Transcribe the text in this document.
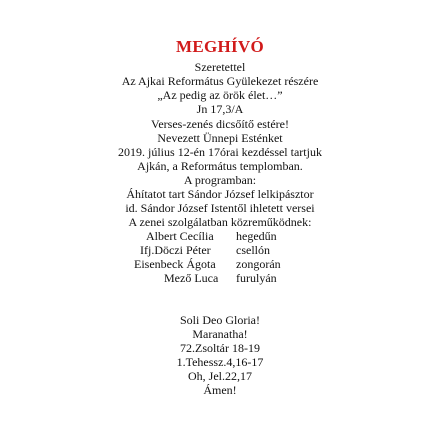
MEGHÍVÓ
Szeretettel
Az Ajkai Református Gyülekezet részére
„Az pedig az örök élet…”
Jn 17,3/A
Verses-zenés dicsőítő estére!
Nevezett Ünnepi Esténket
2019. július 12-én 17órai kezdéssel tartjuk
Ajkán, a Református templomban.
A programban:
Áhítatot tart Sándor József lelkipásztor
id. Sándor József Istentől ihletett versei
A zenei szolgálatban közreműködnek:
Albert Cecília hegedűn
Ifj.Döczi Péter csellón
Eisenbeck Ágota zongorán
Mező Luca furulyán
Soli Deo Gloria!
Maranatha!
72.Zsoltár 18-19
1.Tehessz.4,16-17
Oh, Jel.22,17
Ámen!
